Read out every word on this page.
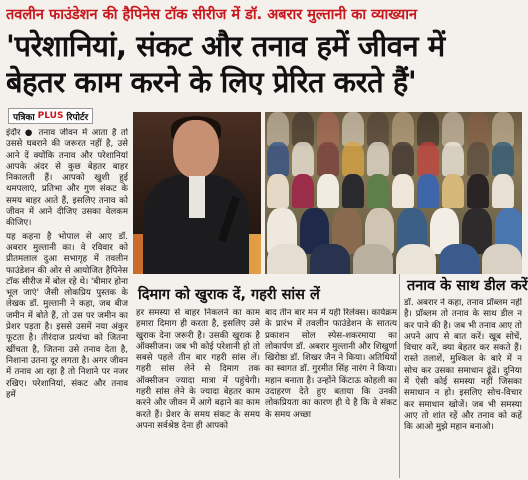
तवलीन फाउंडेशन की हैपिनेस टॉक सीरीज में डॉ. अबरार मुल्तानी का व्याख्यान
'परेशानियां, संकट और तनाव हमें जीवन में
बेहतर काम करने के लिए प्रेरित करते हैं'
पत्रिका PLUS रिपोर्टर

इंदौर ● तनाव जीवन में आता है तो उससे घबराने की जरूरत नहीं है, उसे आने दें क्योंकि तनाव और परेशानियां आपके अंदर से कुछ बेहतर बाहर निकालती हैं। आपको खुशी हुई थमपलाएं, प्रतिभा और गुण संकट के समय बाहर आते हैं, इसलिए तनाव को जीवन में आने दीजिए उसका वेलकम कीजिए।

यह कहना है भोपाल से आए डॉ. अबरार मुल्तानी का। वे रविवार को प्रीतमलाल दुआ सभागृह में तवलीन फाउंडेशन की ओर से आयोजित हैपिनेस टॉक सीरीज में बोल रहे थे। 'बीमार होना भूल जाएं' जैसी लोकप्रिय पुस्तक के लेखक डॉ. मुल्तानी ने कहा, जब बीज जमीन में बोते हैं, तो उस पर जमीन का प्रेशर पड़ता है। इससे उसमें नया अंकुर फूटता है। तीरंदाज प्रत्यंचा को जितना खींचता है, जितना उसे तनाव देता है, निशाना उतना दूर लगता है। अगर जीवन में तनाव आ रहा है तो निशाने पर नजर रखिए। परेशानियां, संकट और तनाव हमें

दिमाग को खुराक दें, गहरी सांस लें
तनाव के साथ डील करें
हर समस्या से बाहर निकलने का काम हमारा दिमाग ही करता है, इसलिए उसे खुराक देना जरूरी है। उसकी खुराक है ऑक्सीजन। जब भी कोई परेशानी हो तो सबसे पहले तीन बार गहरी सांस लें। गहरी सांस लेने से दिमाग तक ऑक्सीजन ज्यादा मात्रा में पहुंचेगी। गहरी सांस लेने के ज्यादा बेहतर काम करने और जीवन में आगे बढ़ाने का काम करते हैं। प्रेशर के समय संकट के समय अपना सर्वश्रेष्ठ देना ही आपको
बाद तीन बार मन में यही रिलेक्स। कार्यक्रम के प्रारंभ में तवलीन फाउंडेशन के सातत्य प्रकाशन सोल स्पेस-शकरमाया का लोकार्पण डॉ. अबरार मुल्तानी और शिखुर्णा खिरोष्ठा डॉ. शिखर जैन ने किया। अतिथियों का स्वागत डॉ. गुरमीत सिंह नारंग ने किया। महान बनाता है। उन्होंने किंटाऊ कोहली का उदाहरण देते हुए बताया कि उनकी लोकप्रियता का कारण ही ये है कि वे संकट के समय अच्छा
डॉ. अबरार ने कहा, तनाव प्रॉब्लम नहीं है। प्रॉब्लम तो तनाव के साथ डील न कर पाने की है। जब भी तनाव आए तो अपने आप से बात करें। खूब सोचें, विचार करें, क्या बेहतर कर सकते हैं। रास्ते तलाशें, मुश्किल के बारे में न सोच कर उसका समाधान ढूंढें। दुनिया में ऐसी कोई समस्या नहीं जिसका समाधान न हो। इसलिए सोच-विचार कर समाधान खोजें। जब भी समस्या आए तो शांत रहें और तनाव को कहें कि आओ मुझे महान बनाओ।
